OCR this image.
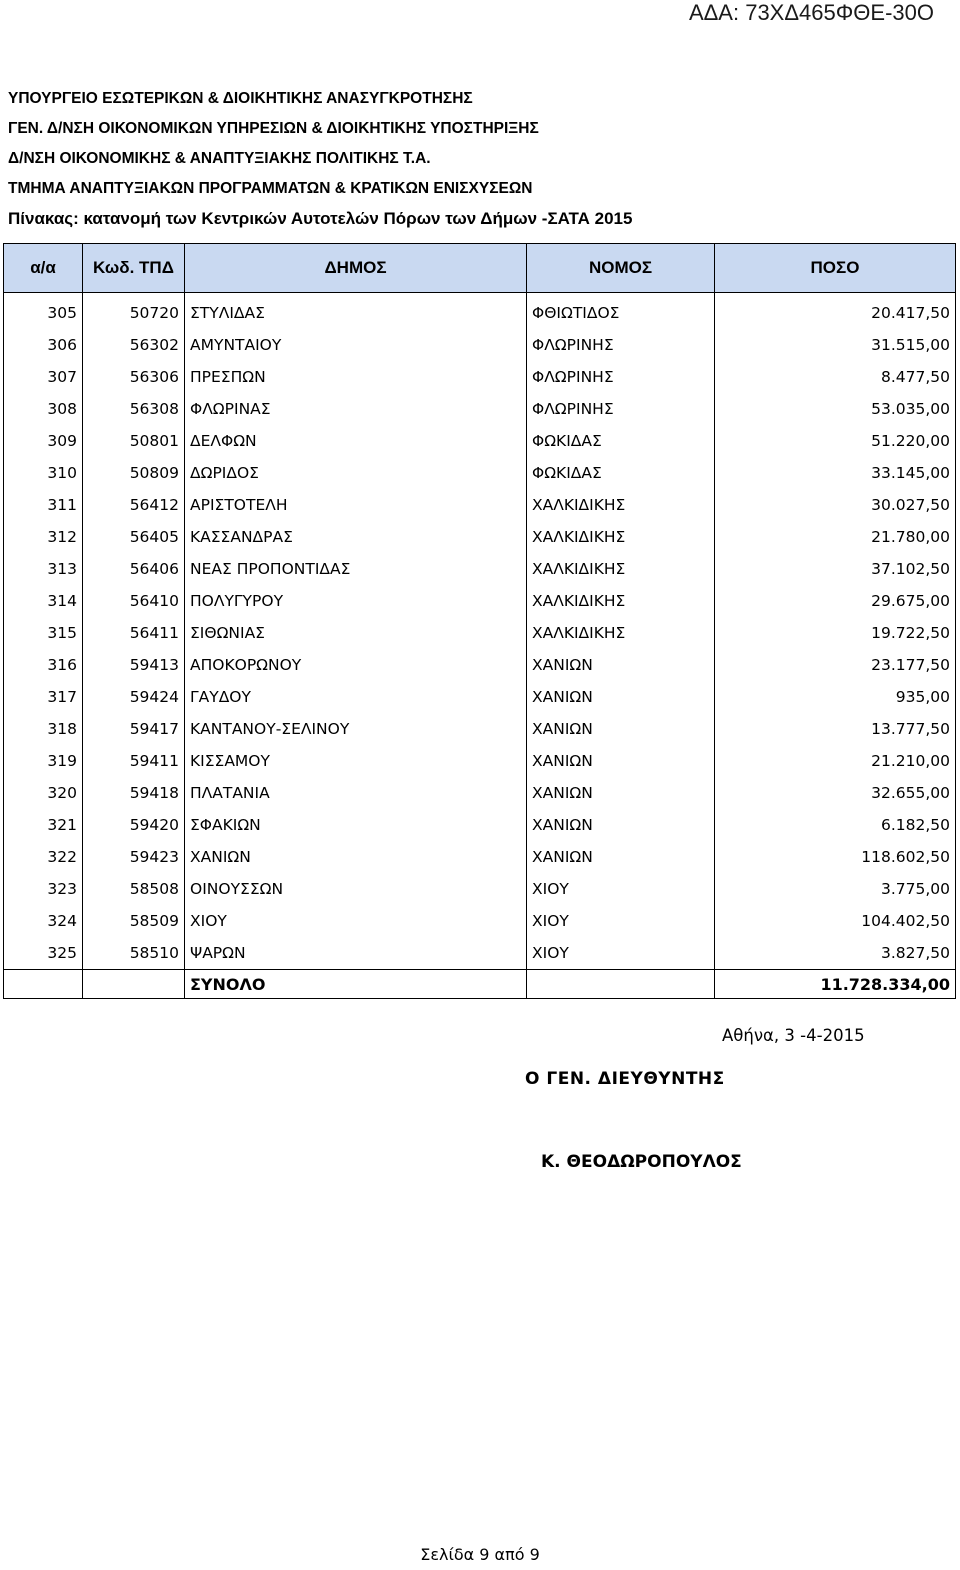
ΑΔΑ: 73ΧΔ465ΦΘΕ-30Ο
ΥΠΟΥΡΓΕΙΟ ΕΣΩΤΕΡΙΚΩΝ & ΔΙΟΙΚΗΤΙΚΗΣ ΑΝΑΣΥΓΚΡΟΤΗΣΗΣ
ΓΕΝ. Δ/ΝΣΗ ΟΙΚΟΝΟΜΙΚΩΝ ΥΠΗΡΕΣΙΩΝ & ΔΙΟΙΚΗΤΙΚΗΣ ΥΠΟΣΤΗΡΙΞΗΣ
Δ/ΝΣΗ ΟΙΚΟΝΟΜΙΚΗΣ & ΑΝΑΠΤΥΞΙΑΚΗΣ ΠΟΛΙΤΙΚΗΣ Τ.Α.
ΤΜΗΜΑ ΑΝΑΠΤΥΞΙΑΚΩΝ ΠΡΟΓΡΑΜΜΑΤΩΝ & ΚΡΑΤΙΚΩΝ ΕΝΙΣΧΥΣΕΩΝ
Πίνακας: κατανομή των Κεντρικών Αυτοτελών Πόρων των Δήμων -ΣΑΤΑ 2015
α/α	Κωδ. ΤΠΔ	ΔΗΜΟΣ	ΝΟΜΟΣ	ΠΟΣΟ
305	50720	ΣΤΥΛΙΔΑΣ	ΦΘΙΩΤΙΔΟΣ	20.417,50
306	56302	ΑΜΥΝΤΑΙΟΥ	ΦΛΩΡΙΝΗΣ	31.515,00
307	56306	ΠΡΕΣΠΩΝ	ΦΛΩΡΙΝΗΣ	8.477,50
308	56308	ΦΛΩΡΙΝΑΣ	ΦΛΩΡΙΝΗΣ	53.035,00
309	50801	ΔΕΛΦΩΝ	ΦΩΚΙΔΑΣ	51.220,00
310	50809	ΔΩΡΙΔΟΣ	ΦΩΚΙΔΑΣ	33.145,00
311	56412	ΑΡΙΣΤΟΤΕΛΗ	ΧΑΛΚΙΔΙΚΗΣ	30.027,50
312	56405	ΚΑΣΣΑΝΔΡΑΣ	ΧΑΛΚΙΔΙΚΗΣ	21.780,00
313	56406	ΝΕΑΣ ΠΡΟΠΟΝΤΙΔΑΣ	ΧΑΛΚΙΔΙΚΗΣ	37.102,50
314	56410	ΠΟΛΥΓΥΡΟΥ	ΧΑΛΚΙΔΙΚΗΣ	29.675,00
315	56411	ΣΙΘΩΝΙΑΣ	ΧΑΛΚΙΔΙΚΗΣ	19.722,50
316	59413	ΑΠΟΚΟΡΩΝΟΥ	ΧΑΝΙΩΝ	23.177,50
317	59424	ΓΑΥΔΟΥ	ΧΑΝΙΩΝ	935,00
318	59417	ΚΑΝΤΑΝΟΥ-ΣΕΛΙΝΟΥ	ΧΑΝΙΩΝ	13.777,50
319	59411	ΚΙΣΣΑΜΟΥ	ΧΑΝΙΩΝ	21.210,00
320	59418	ΠΛΑΤΑΝΙΑ	ΧΑΝΙΩΝ	32.655,00
321	59420	ΣΦΑΚΙΩΝ	ΧΑΝΙΩΝ	6.182,50
322	59423	ΧΑΝΙΩΝ	ΧΑΝΙΩΝ	118.602,50
323	58508	ΟΙΝΟΥΣΣΩΝ	ΧΙΟΥ	3.775,00
324	58509	ΧΙΟΥ	ΧΙΟΥ	104.402,50
325	58510	ΨΑΡΩΝ	ΧΙΟΥ	3.827,50
		ΣΥΝΟΛΟ		11.728.334,00
Αθήνα, 3 -4-2015
Ο ΓΕΝ. ΔΙΕΥΘΥΝΤΗΣ
Κ. ΘΕΟΔΩΡΟΠΟΥΛΟΣ
Σελίδα 9 από 9
